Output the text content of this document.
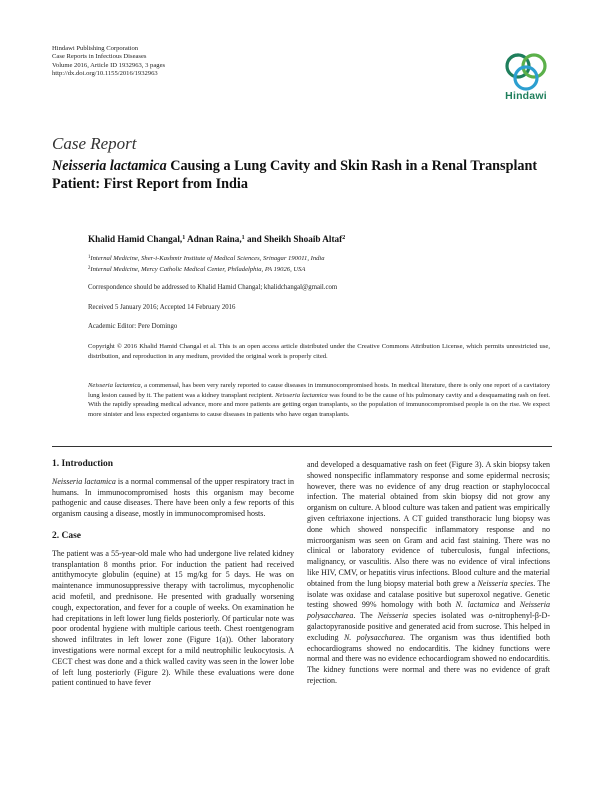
Hindawi Publishing Corporation
Case Reports in Infectious Diseases
Volume 2016, Article ID 1932963, 3 pages
http://dx.doi.org/10.1155/2016/1932963
Hindawi
Case Report
Neisseria lactamica Causing a Lung Cavity and Skin Rash in a Renal Transplant Patient: First Report from India
Khalid Hamid Changal,$^1$ Adnan Raina,$^1$ and Sheikh Shoaib Altaf$^2$
$^1$Internal Medicine, Sher-i-Kashmir Institute of Medical Sciences, Srinagar 190011, India
$^2$Internal Medicine, Mercy Catholic Medical Center, Philadelphia, PA 19026, USA
Correspondence should be addressed to Khalid Hamid Changal; khalidchangal@gmail.com
Received 5 January 2016; Accepted 14 February 2016
Academic Editor: Pere Domingo
Copyright © 2016 Khalid Hamid Changal et al. This is an open access article distributed under the Creative Commons Attribution License, which permits unrestricted use, distribution, and reproduction in any medium, provided the original work is properly cited.
Neisseria lactamica, a commensal, has been very rarely reported to cause diseases in immunocompromised hosts. In medical literature, there is only one report of a cavitatory lung lesion caused by it. The patient was a kidney transplant recipient. Neisseria lactamica was found to be the cause of his pulmonary cavity and a desquamating rash on feet. With the rapidly spreading medical advance, more and more patients are getting organ transplants, so the population of immunocompromised people is on the rise. We expect more sinister and less expected organisms to cause diseases in patients who have organ transplants.
1. Introduction
Neisseria lactamica is a normal commensal of the upper respiratory tract in humans. In immunocompromised hosts this organism may become pathogenic and cause diseases. There have been only a few reports of this organism causing a disease, mostly in immunocompromised hosts.
2. Case
The patient was a 55-year-old male who had undergone live related kidney transplantation 8 months prior. For induction the patient had received antithymocyte globulin (equine) at 15 mg/kg for 5 days. He was on maintenance immunosuppressive therapy with tacrolimus, mycophenolic acid mofetil, and prednisone. He presented with gradually worsening cough, expectoration, and fever for a couple of weeks. On examination he had crepitations in left lower lung fields posteriorly. Of particular note was poor orodental hygiene with multiple carious teeth. Chest roentgenogram showed infiltrates in left lower zone (Figure 1(a)). Other laboratory investigations were normal except for a mild neutrophilic leukocytosis. A CECT chest was done and a thick walled cavity was seen in the lower lobe of left lung posteriorly (Figure 2). While these evaluations were done patient continued to have fever
and developed a desquamative rash on feet (Figure 3). A skin biopsy taken showed nonspecific inflammatory response and some epidermal necrosis; however, there was no evidence of any drug reaction or staphylococcal infection. The material obtained from skin biopsy did not grow any organism on culture. A blood culture was taken and patient was empirically given ceftriaxone injections. A CT guided transthoracic lung biopsy was done which showed nonspecific inflammatory response and no microorganism was seen on Gram and acid fast staining. There was no clinical or laboratory evidence of tuberculosis, fungal infections, malignancy, or vasculitis. Also there was no evidence of viral infections like HIV, CMV, or hepatitis virus infections. Blood culture and the material obtained from the lung biopsy material both grew a Neisseria species. The isolate was oxidase and catalase positive but superoxol negative. Genetic testing showed 99% homology with both N. lactamica and Neisseria polysaccharea. The Neisseria species isolated was o-nitrophenyl-β-D-galactopyranoside positive and generated acid from sucrose. This helped in excluding N. polysaccharea. The organism was thus identified both echocardiograms showed no endocarditis. The kidney functions were normal and there was no evidence echocardiogram showed no endocarditis. The kidney functions were normal and there was no evidence of graft rejection.
